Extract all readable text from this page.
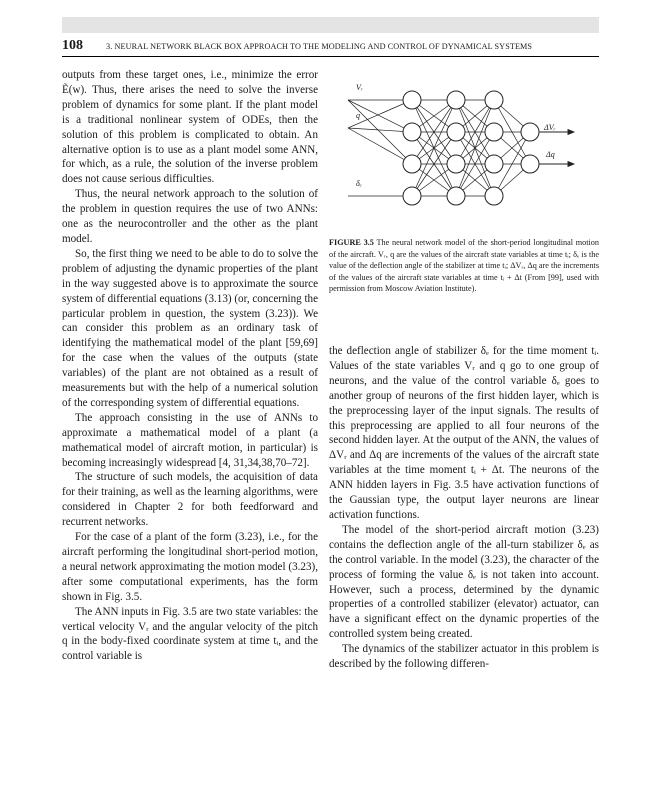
108	3. NEURAL NETWORK BLACK BOX APPROACH TO THE MODELING AND CONTROL OF DYNAMICAL SYSTEMS

outputs from these target ones, i.e., minimize the error Ẽ(w). Thus, there arises the need to solve the inverse problem of dynamics for some plant. If the plant model is a traditional nonlinear system of ODEs, then the solution of this problem is complicated to obtain. An alternative option is to use as a plant model some ANN, for which, as a rule, the solution of the inverse problem does not cause serious difficulties.

Thus, the neural network approach to the solution of the problem in question requires the use of two ANNs: one as the neurocontroller and the other as the plant model.

So, the first thing we need to be able to do to solve the problem of adjusting the dynamic properties of the plant in the way suggested above is to approximate the source system of differential equations (3.13) (or, concerning the particular problem in question, the system (3.23)). We can consider this problem as an ordinary task of identifying the mathematical model of the plant [59,69] for the case when the values of the outputs (state variables) of the plant are not obtained as a result of measurements but with the help of a numerical solution of the corresponding system of differential equations.

The approach consisting in the use of ANNs to approximate a mathematical model of a plant (a mathematical model of aircraft motion, in particular) is becoming increasingly widespread [4, 31,34,38,70–72].

The structure of such models, the acquisition of data for their training, as well as the learning algorithms, were considered in Chapter 2 for both feedforward and recurrent networks.

For the case of a plant of the form (3.23), i.e., for the aircraft performing the longitudinal short-period motion, a neural network approximating the motion model (3.23), after some computational experiments, has the form shown in Fig. 3.5.

The ANN inputs in Fig. 3.5 are two state variables: the vertical velocity Vᵣ and the angular velocity of the pitch q in the body-fixed coordinate system at time tᵢ, and the control variable is

Vᵣ
q
δₑ
ΔVᵣ
Δq
FIGURE 3.5 The neural network model of the short-period longitudinal motion of the aircraft. Vᵣ, q are the values of the aircraft state variables at time tᵢ; δₑ is the value of the deflection angle of the stabilizer at time tᵢ; ΔVᵣ, Δq are the increments of the values of the aircraft state variables at time tᵢ + Δt (From [99], used with permission from Moscow Aviation Institute).

the deflection angle of stabilizer δₑ for the time moment tᵢ. Values of the state variables Vᵣ and q go to one group of neurons, and the value of the control variable δₑ goes to another group of neurons of the first hidden layer, which is the preprocessing layer of the input signals. The results of this preprocessing are applied to all four neurons of the second hidden layer. At the output of the ANN, the values of ΔVᵣ and Δq are increments of the values of the aircraft state variables at the time moment tᵢ + Δt. The neurons of the ANN hidden layers in Fig. 3.5 have activation functions of the Gaussian type, the output layer neurons are linear activation functions.

The model of the short-period aircraft motion (3.23) contains the deflection angle of the all-turn stabilizer δₑ as the control variable. In the model (3.23), the character of the process of forming the value δₑ is not taken into account. However, such a process, determined by the dynamic properties of a controlled stabilizer (elevator) actuator, can have a significant effect on the dynamic properties of the controlled system being created.

The dynamics of the stabilizer actuator in this problem is described by the following differen-
